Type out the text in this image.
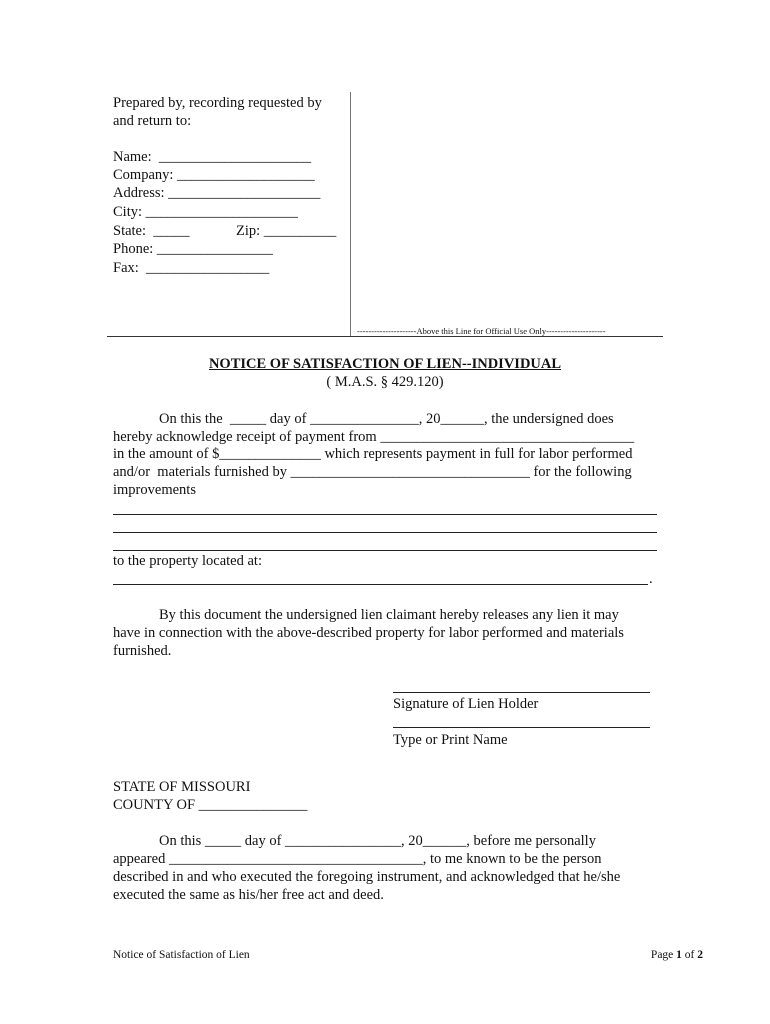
Prepared by, recording requested by
and return to:
Name:  _____________________
Company: ___________________
Address: _____________________
City: _____________________
State:  _____	Zip: __________
Phone: ________________
Fax:  _________________
---------------------Above this Line for Official Use Only---------------------
NOTICE OF SATISFACTION OF LIEN--INDIVIDUAL
( M.A.S. § 429.120)
On this the  _____ day of _______________, 20______, the undersigned does
hereby acknowledge receipt of payment from ___________________________________
in the amount of $______________ which represents payment in full for labor performed
and/or  materials furnished by _________________________________ for the following
improvements
to the property located at:
.
By this document the undersigned lien claimant hereby releases any lien it may
have in connection with the above-described property for labor performed and materials
furnished.
Signature of Lien Holder
Type or Print Name
STATE OF MISSOURI
COUNTY OF _______________
On this _____ day of ________________, 20______, before me personally
appeared ___________________________________, to me known to be the person
described in and who executed the foregoing instrument, and acknowledged that he/she
executed the same as his/her free act and deed.
Notice of Satisfaction of Lien	Page 1 of 2
